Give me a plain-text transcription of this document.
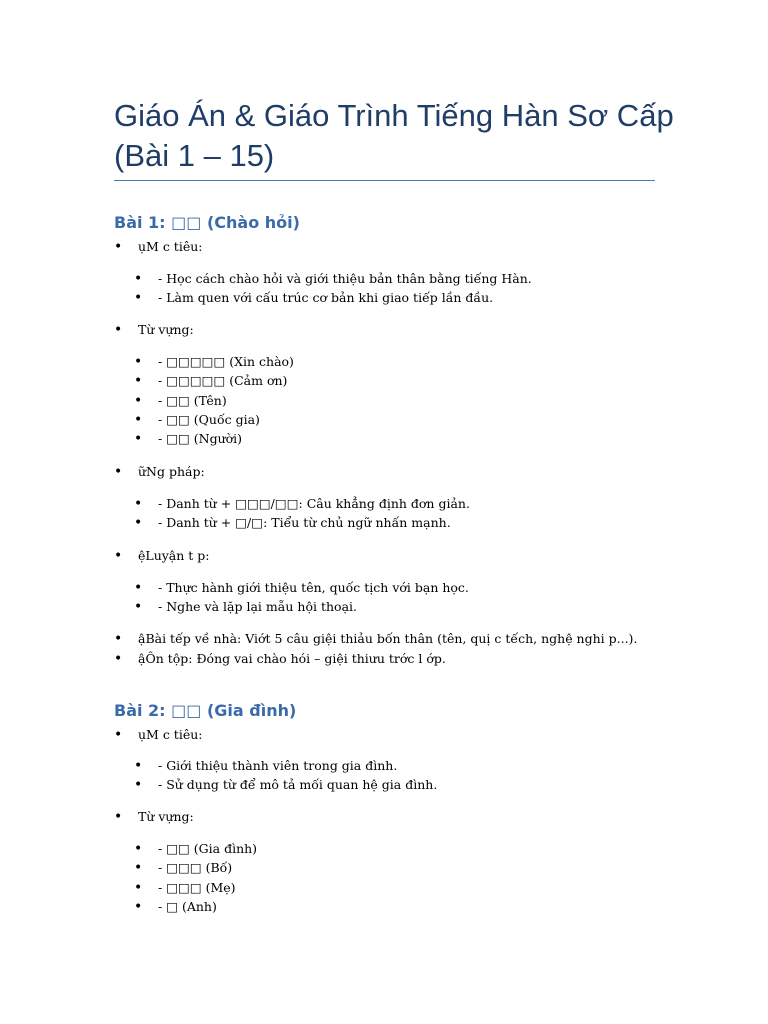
Giáo Án & Giáo Trình Tiếng Hàn Sơ Cấp
(Bài 1 – 15)
Bài 1: □□ (Chào hỏi)
• ụM c tiêu:
• - Học cách chào hỏi và giới thiệu bản thân bằng tiếng Hàn.
• - Làm quen với cấu trúc cơ bản khi giao tiếp lần đầu.
• Từ vựng:
• - □□□□□ (Xin chào)
• - □□□□□ (Cảm ơn)
• - □□ (Tên)
• - □□ (Quốc gia)
• - □□ (Người)
• ữNg pháp:
• - Danh từ + □□□/□□: Câu khẳng định đơn giản.
• - Danh từ + □/□: Tiểu từ chủ ngữ nhấn mạnh.
• ệLuyận t p:
• - Thực hành giới thiệu tên, quốc tịch với bạn học.
• - Nghe và lặp lại mẫu hội thoại.
• ậBài tếp về nhà: Viớt 5 câu giệi thiảu bốn thân (tên, quị c tếch, nghệ nghi p...).
• ậÔn tộp: Đóng vai chào hói – giệi thiưu trớc l ớp.
Bài 2: □□ (Gia đình)
• ụM c tiêu:
• - Giới thiệu thành viên trong gia đình.
• - Sử dụng từ để mô tả mối quan hệ gia đình.
• Từ vựng:
• - □□ (Gia đình)
• - □□□ (Bố)
• - □□□ (Mẹ)
• - □ (Anh)
